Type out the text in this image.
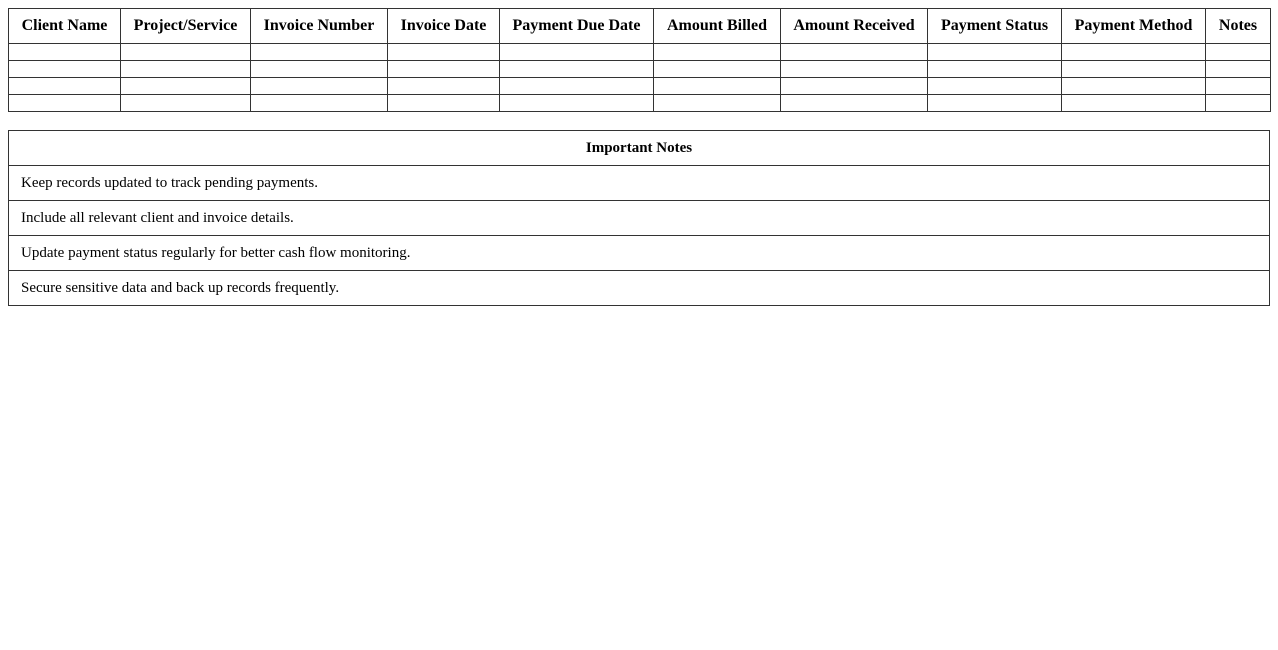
Client Name	Project/Service	Invoice Number	Invoice Date	Payment Due Date	Amount Billed	Amount Received	Payment Status	Payment Method	Notes

Important Notes
Keep records updated to track pending payments.
Include all relevant client and invoice details.
Update payment status regularly for better cash flow monitoring.
Secure sensitive data and back up records frequently.
